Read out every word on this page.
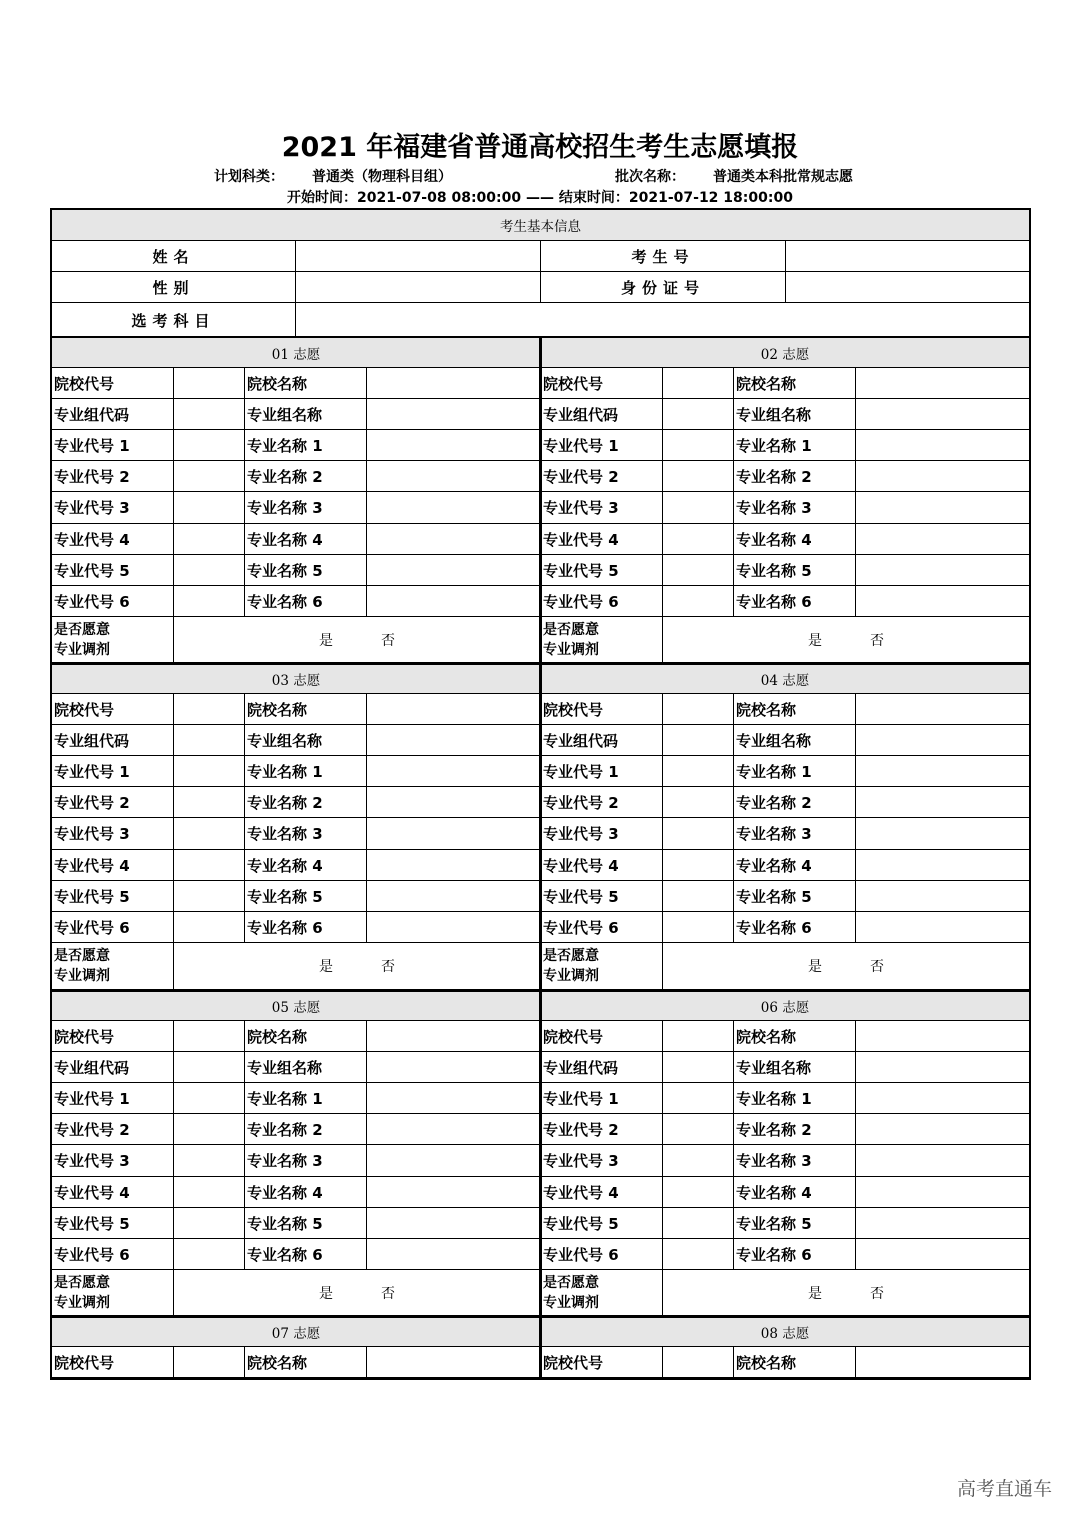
2021 年福建省普通高校招生考生志愿填报
计划科类： 普通类（物理科目组）	批次名称： 普通类本科批常规志愿
开始时间：2021-07-08 08:00:00 —— 结束时间：2021-07-12 18:00:00
考生基本信息
姓名	考生号
性别	身份证号
选考科目
01 志愿
院校代号	院校名称
专业组代码	专业组名称
专业代号 1	专业名称 1
专业代号 2	专业名称 2
专业代号 3	专业名称 3
专业代号 4	专业名称 4
专业代号 5	专业名称 5
专业代号 6	专业名称 6
是否愿意
专业调剂
是	否
02 志愿
院校代号	院校名称
专业组代码	专业组名称
专业代号 1	专业名称 1
专业代号 2	专业名称 2
专业代号 3	专业名称 3
专业代号 4	专业名称 4
专业代号 5	专业名称 5
专业代号 6	专业名称 6
是否愿意
专业调剂
是	否
03 志愿
院校代号	院校名称
专业组代码	专业组名称
专业代号 1	专业名称 1
专业代号 2	专业名称 2
专业代号 3	专业名称 3
专业代号 4	专业名称 4
专业代号 5	专业名称 5
专业代号 6	专业名称 6
是否愿意
专业调剂
是	否
04 志愿
院校代号	院校名称
专业组代码	专业组名称
专业代号 1	专业名称 1
专业代号 2	专业名称 2
专业代号 3	专业名称 3
专业代号 4	专业名称 4
专业代号 5	专业名称 5
专业代号 6	专业名称 6
是否愿意
专业调剂
是	否
05 志愿
院校代号	院校名称
专业组代码	专业组名称
专业代号 1	专业名称 1
专业代号 2	专业名称 2
专业代号 3	专业名称 3
专业代号 4	专业名称 4
专业代号 5	专业名称 5
专业代号 6	专业名称 6
是否愿意
专业调剂
是	否
06 志愿
院校代号	院校名称
专业组代码	专业组名称
专业代号 1	专业名称 1
专业代号 2	专业名称 2
专业代号 3	专业名称 3
专业代号 4	专业名称 4
专业代号 5	专业名称 5
专业代号 6	专业名称 6
是否愿意
专业调剂
是	否
07 志愿
院校代号	院校名称
08 志愿
院校代号	院校名称
高考直通车
